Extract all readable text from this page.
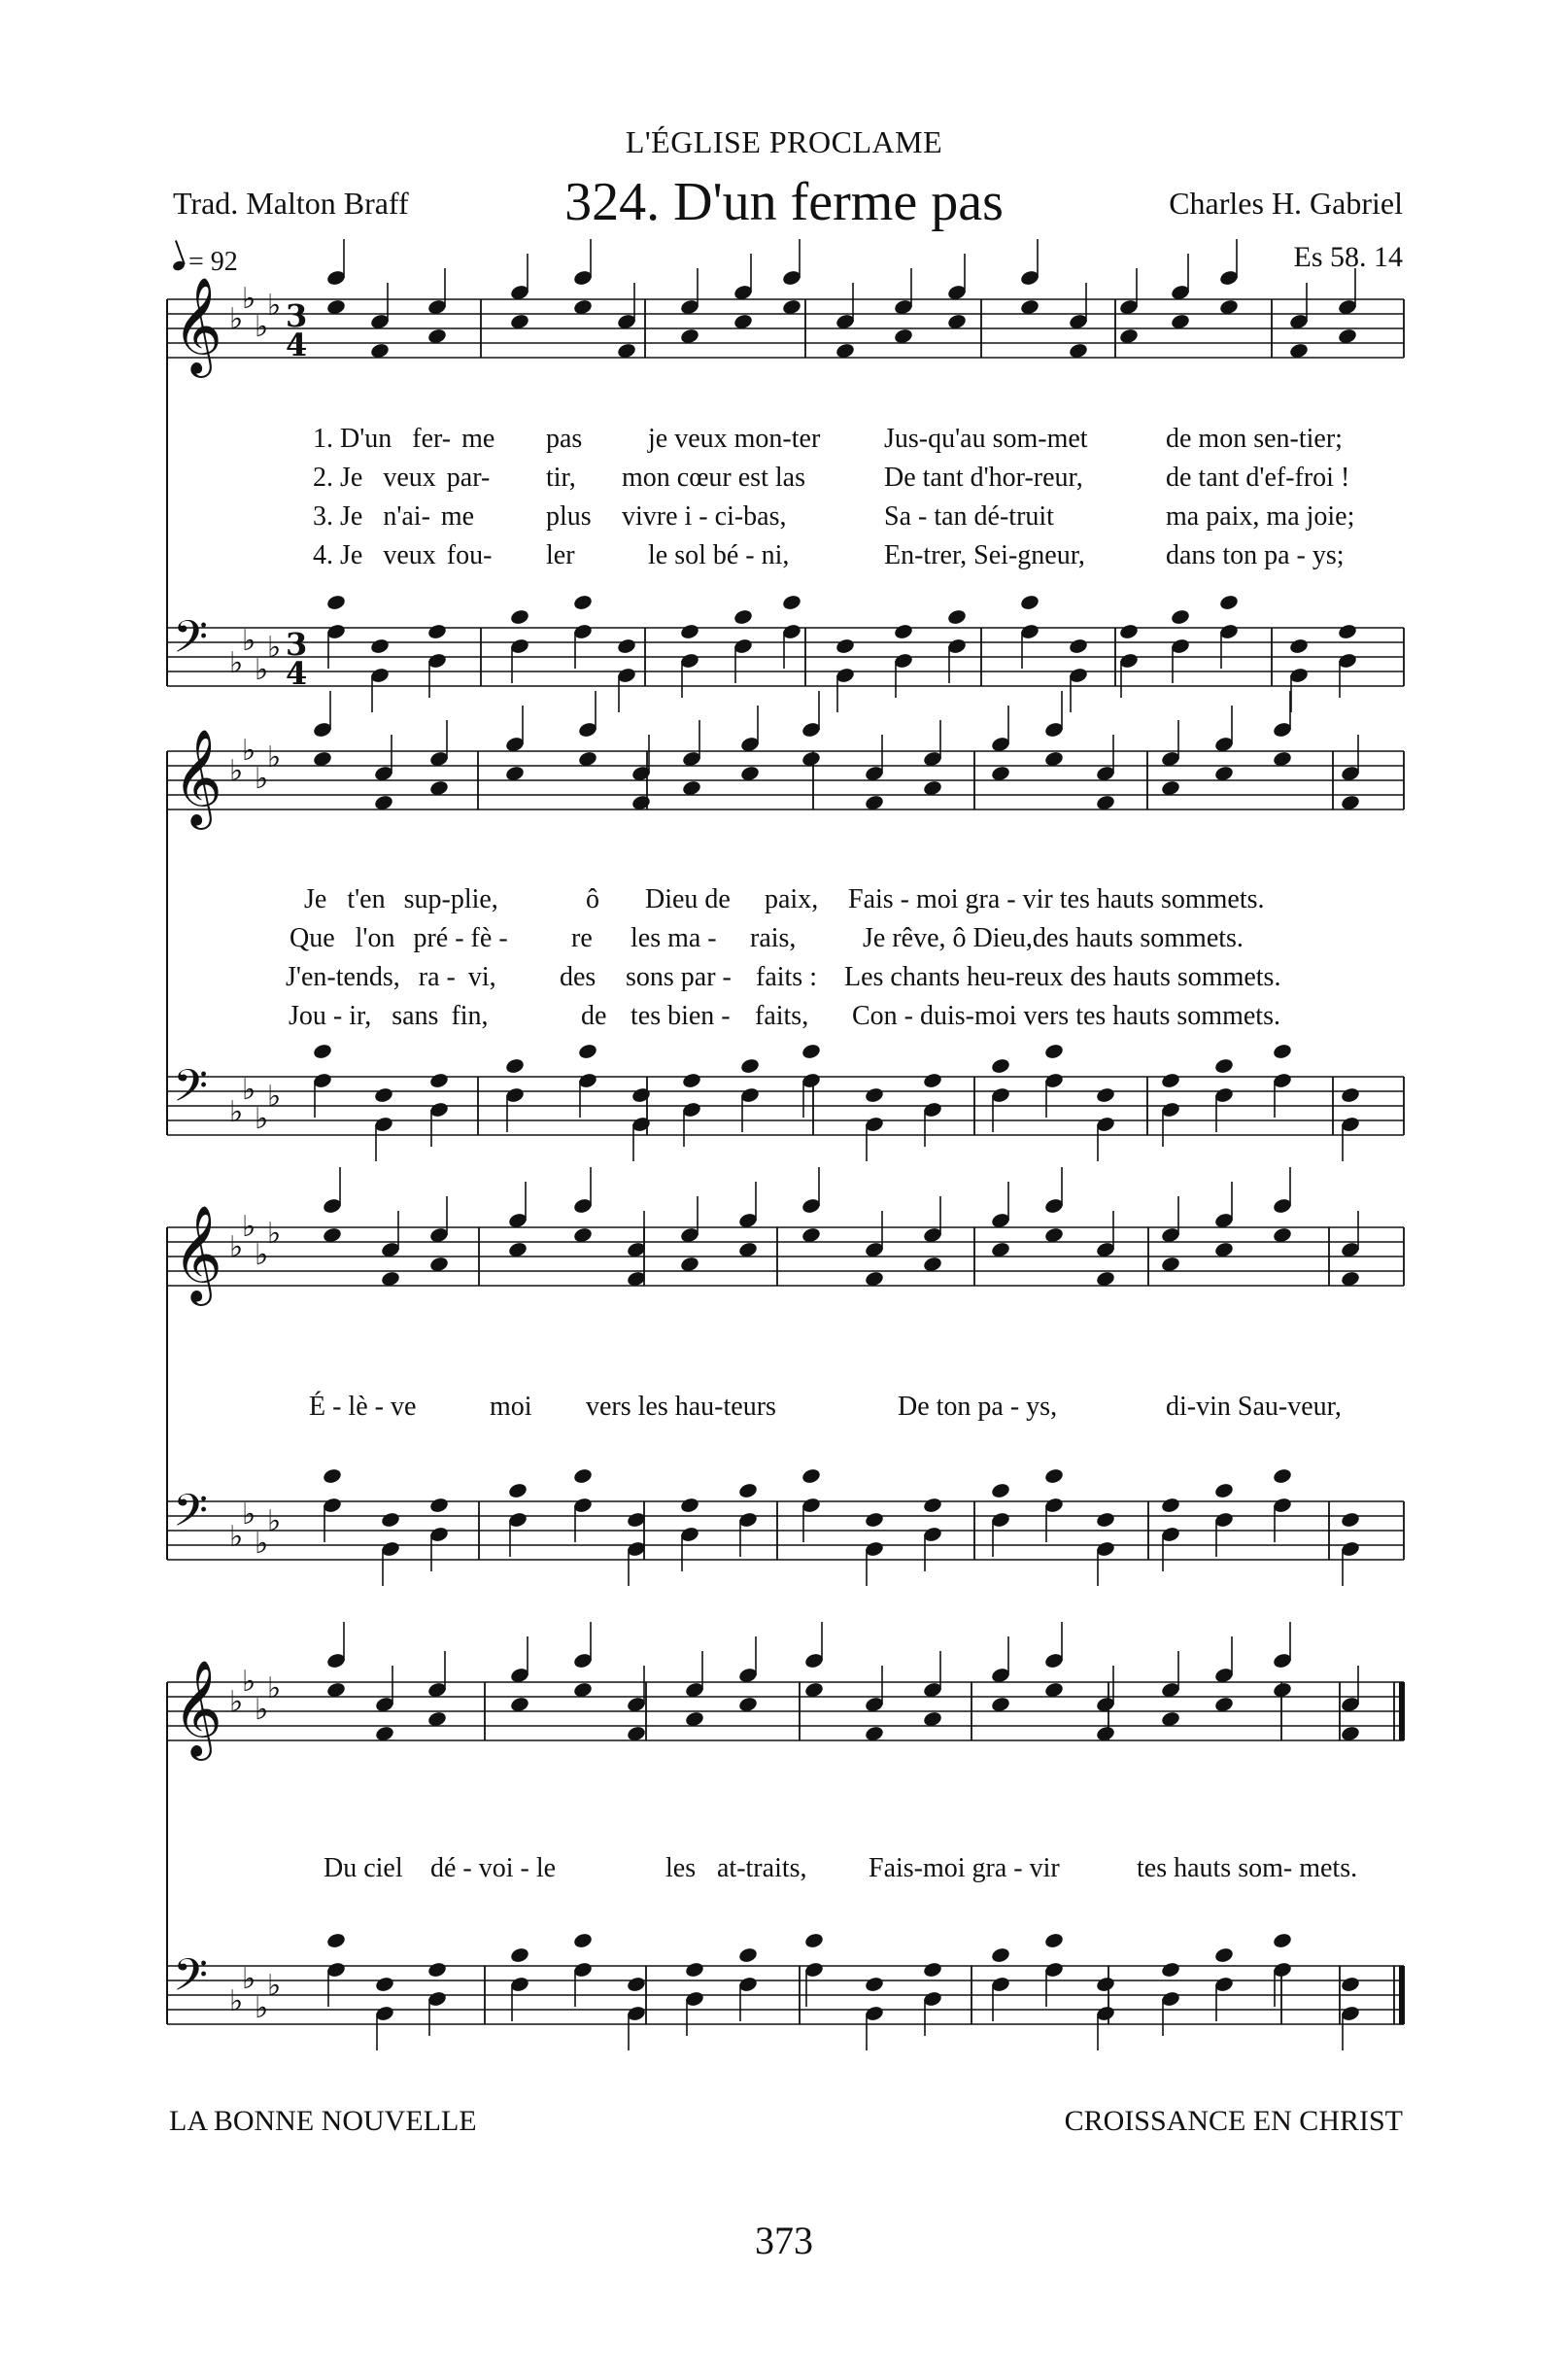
L'ÉGLISE PROCLAME
324. D'un ferme pas
Trad. Malton Braff	Charles H. Gabriel
Es 58. 14
= 92
𝄞 ♭
♭
♭
♭ 3
4
𝄢 ♭
♭
♭
♭ 3
4
𝄞 ♭
♭
♭
♭
𝄢 ♭
♭
♭
♭
𝄞 ♭
♭
♭
♭
𝄢 ♭
♭
♭
♭
𝄞 ♭
♭
♭
♭
𝄢 ♭
♭
♭
♭
1. D'un fer- me pas je veux mon-ter Jus-qu'au som-met	de mon sen-tier;
2. Je veux par- tir, mon cœur est las	De tant d'hor-reur,	de tant d'ef-froi !
3. Je n'ai- me	plus vivre i - ci-bas,	Sa - tan dé-truit	ma paix, ma joie;
4. Je veux fou- ler	le sol bé - ni,	En-trer, Sei-gneur,	dans ton pa - ys;
Je t'en sup-plie,	ô Dieu de paix, Fais - moi gra - vir tes hauts sommets.
Que l'on pré - fè - re les ma - rais, Je rêve, ô Dieu,des hauts sommets.
J'en-tends, ra - vi, des sons par - faits : Les chants heu-reux des hauts sommets.
Jou - ir, sans fin,	de tes bien - faits, Con - duis-moi vers tes hauts sommets.
É - lè - ve	moi vers les hau-teurs	De ton pa - ys,	di-vin Sau-veur,
Du ciel dé - voi - le	les at-traits, Fais-moi gra - vir	tes hauts som- mets.
LA BONNE NOUVELLE	CROISSANCE EN CHRIST
373
